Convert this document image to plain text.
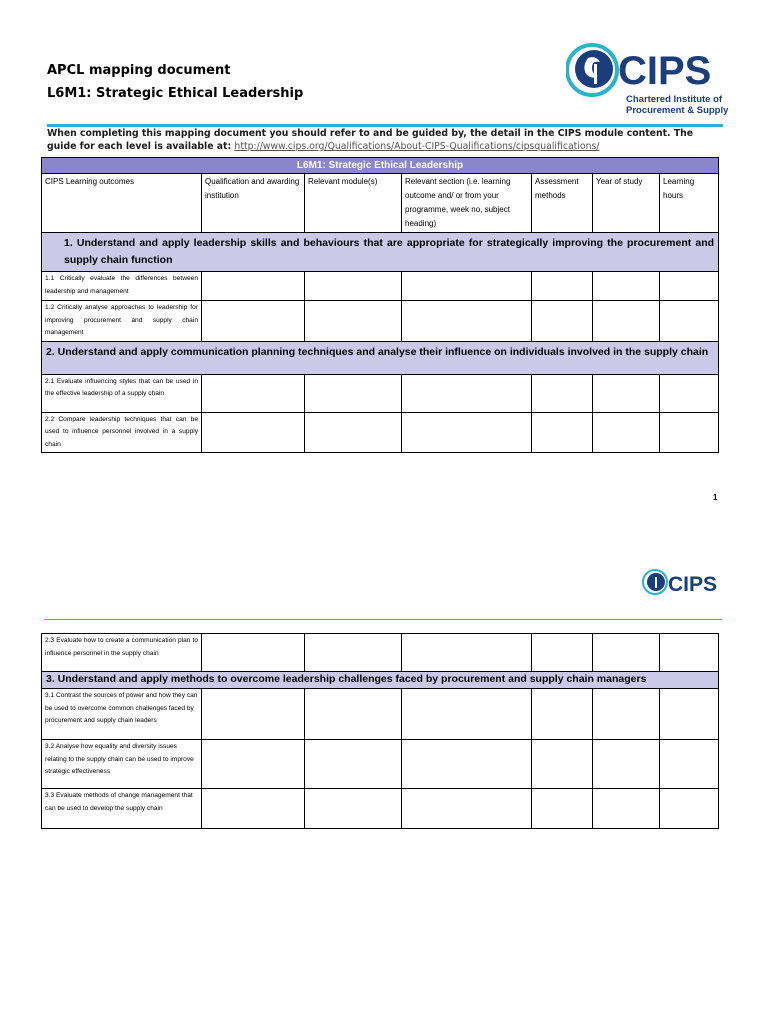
APCL mapping document
L6M1: Strategic Ethical Leadership
CIPS
Chartered Institute of
Procurement & Supply
When completing this mapping document you should refer to and be guided by, the detail in the CIPS module content. The guide for each level is available at: http://www.cips.org/Qualifications/About-CIPS-Qualifications/cipsqualifications/
L6M1: Strategic Ethical Leadership						
CIPS Learning outcomes	Qualification and awarding institution	Relevant module(s)	Relevant section (i.e. learning outcome and/ or from your programme, week no, subject heading)	Assessment methods	Year of study	Learning hours
1. Understand and apply leadership skills and behaviours that are appropriate for strategically improving the procurement and supply chain function						
1.1 Critically evaluate the differences between leadership and management						
1.2 Critically analyse approaches to leadership for improving procurement and supply chain management						
2. Understand and apply communication planning techniques and analyse their influence on individuals involved in the supply chain						
2.1 Evaluate influencing styles that can be used in the effective leadership of a supply chain						
2.2 Compare leadership techniques that can be used to influence personnel involved in a supply chain						
1
CIPS
2.3 Evaluate how to create a communication plan to influence personnel in the supply chain						
3. Understand and apply methods to overcome leadership challenges faced by procurement and supply chain managers						
3.1 Contrast the sources of power and how they can be used to overcome common challenges faced by procurement and supply chain leaders						
3.2 Analyse how equality and diversity issues relating to the supply chain can be used to improve strategic effectiveness						
3.3 Evaluate methods of change management that can be used to develop the supply chain						
